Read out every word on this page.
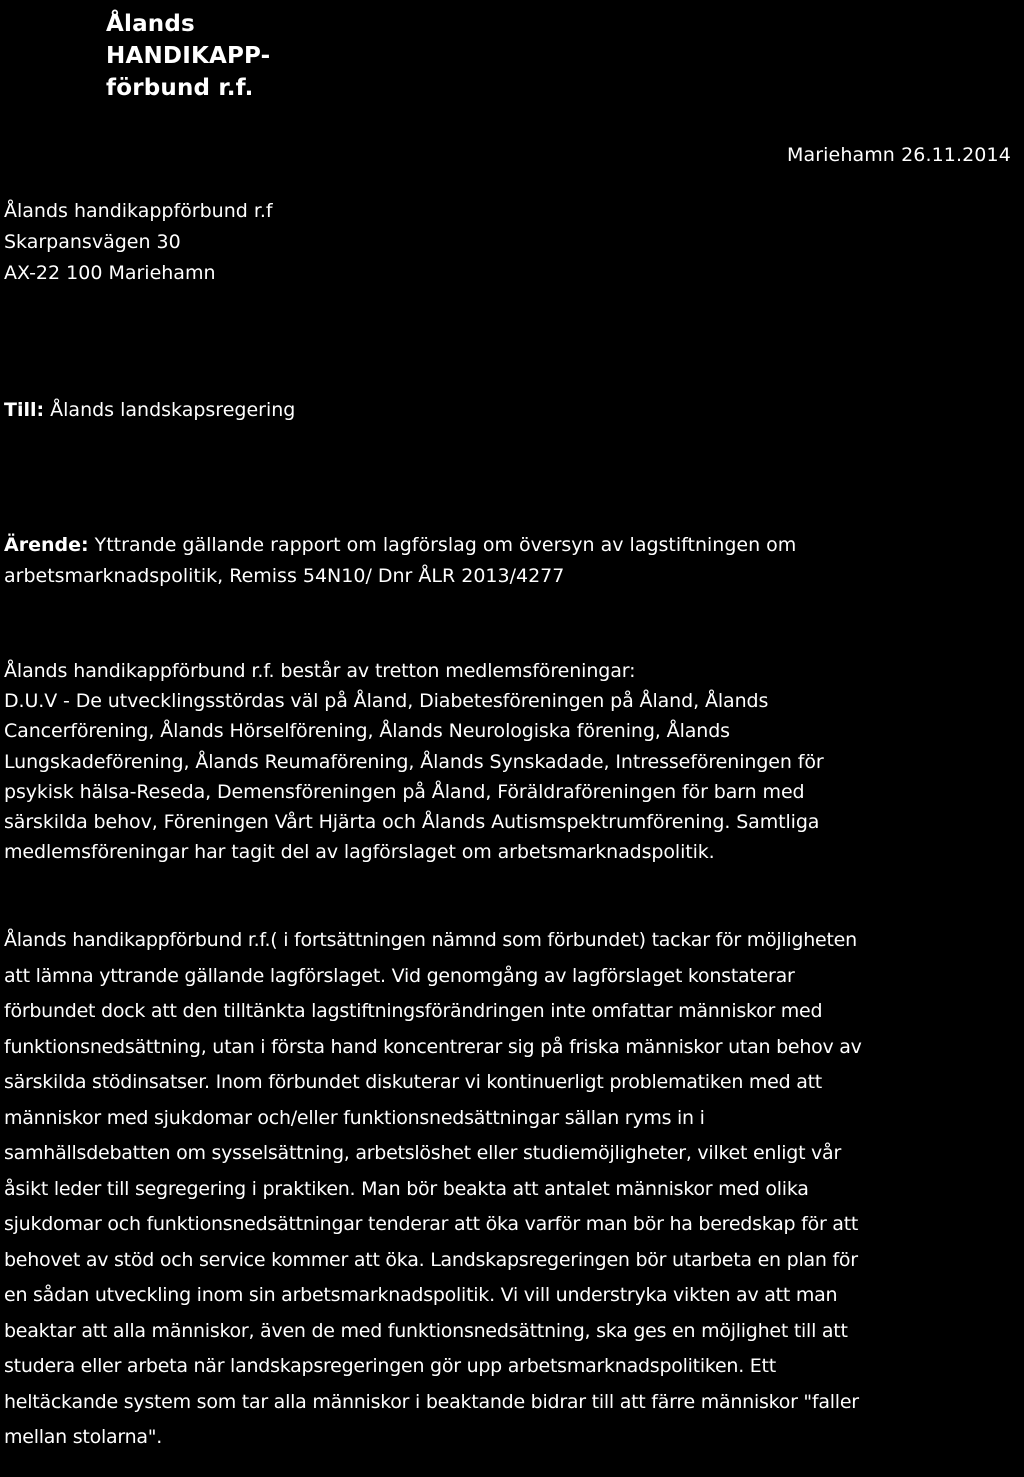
Ålands
HANDIKAPP-
förbund r.f.
Mariehamn 26.11.2014
Ålands handikappförbund r.f
Skarpansvägen 30
AX-22 100 Mariehamn
Till: Ålands landskapsregering
Ärende: Yttrande gällande rapport om lagförslag om översyn av lagstiftningen om
arbetsmarknadspolitik, Remiss 54N10/ Dnr ÅLR 2013/4277
Ålands handikappförbund r.f. består av tretton medlemsföreningar:
D.U.V - De utvecklingsstördas väl på Åland, Diabetesföreningen på Åland, Ålands
Cancerförening, Ålands Hörselförening, Ålands Neurologiska förening, Ålands
Lungskadeförening, Ålands Reumaförening, Ålands Synskadade, Intresseföreningen för
psykisk hälsa-Reseda, Demensföreningen på Åland, Föräldraföreningen för barn med
särskilda behov, Föreningen Vårt Hjärta och Ålands Autismspektrumförening. Samtliga
medlemsföreningar har tagit del av lagförslaget om arbetsmarknadspolitik.
Ålands handikappförbund r.f.( i fortsättningen nämnd som förbundet) tackar för möjligheten
att lämna yttrande gällande lagförslaget. Vid genomgång av lagförslaget konstaterar
förbundet dock att den tilltänkta lagstiftningsförändringen inte omfattar människor med
funktionsnedsättning, utan i första hand koncentrerar sig på friska människor utan behov av
särskilda stödinsatser. Inom förbundet diskuterar vi kontinuerligt problematiken med att
människor med sjukdomar och/eller funktionsnedsättningar sällan ryms in i
samhällsdebatten om sysselsättning, arbetslöshet eller studiemöjligheter, vilket enligt vår
åsikt leder till segregering i praktiken. Man bör beakta att antalet människor med olika
sjukdomar och funktionsnedsättningar tenderar att öka varför man bör ha beredskap för att
behovet av stöd och service kommer att öka. Landskapsregeringen bör utarbeta en plan för
en sådan utveckling inom sin arbetsmarknadspolitik. Vi vill understryka vikten av att man
beaktar att alla människor, även de med funktionsnedsättning, ska ges en möjlighet till att
studera eller arbeta när landskapsregeringen gör upp arbetsmarknadspolitiken. Ett
heltäckande system som tar alla människor i beaktande bidrar till att färre människor "faller
mellan stolarna".
